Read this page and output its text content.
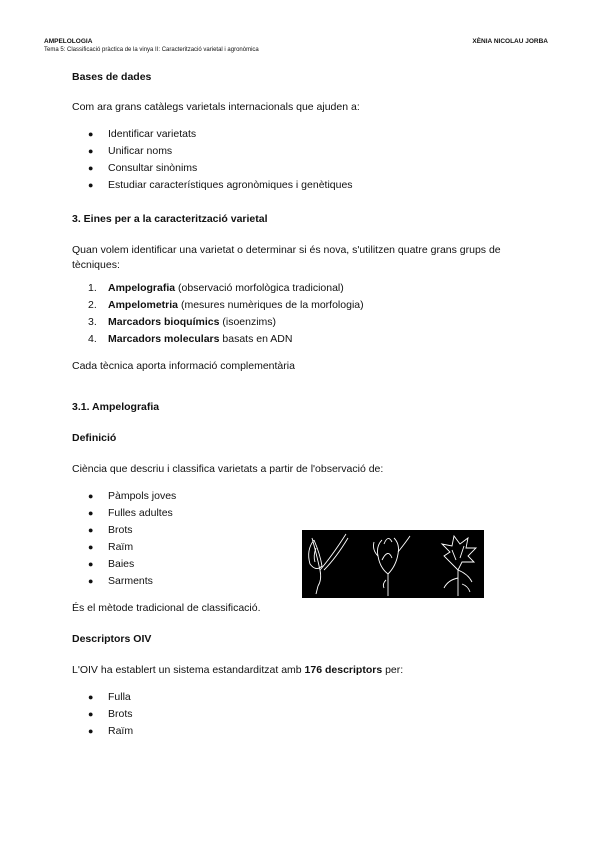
AMPELOLOGIA
Tema 5: Classificació pràctica de la vinya II: Caracterització varietal i agronòmica
XÈNIA NICOLAU JORBA
Bases de dades

Com ara grans catàlegs varietals internacionals que ajuden a:

● Identificar varietats
● Unificar noms
● Consultar sinònims
● Estudiar característiques agronòmiques i genètiques
3. Eines per a la caracterització varietal

Quan volem identificar una varietat o determinar si és nova, s'utilitzen quatre grans grups de tècniques:

1. Ampelografia (observació morfològica tradicional)
2. Ampelometria (mesures numèriques de la morfologia)
3. Marcadors bioquímics (isoenzims)
4. Marcadors moleculars basats en ADN

Cada tècnica aporta informació complementària

3.1. Ampelografia
Definició

Ciència que descriu i classifica varietats a partir de l'observació de:

● Pàmpols joves
● Fulles adultes
● Brots
● Raïm
● Baies
● Sarments

És el mètode tradicional de classificació.

Descriptors OIV

L'OIV ha establert un sistema estandarditzat amb 176 descriptors per:

● Fulla
● Brots
● Raïm
